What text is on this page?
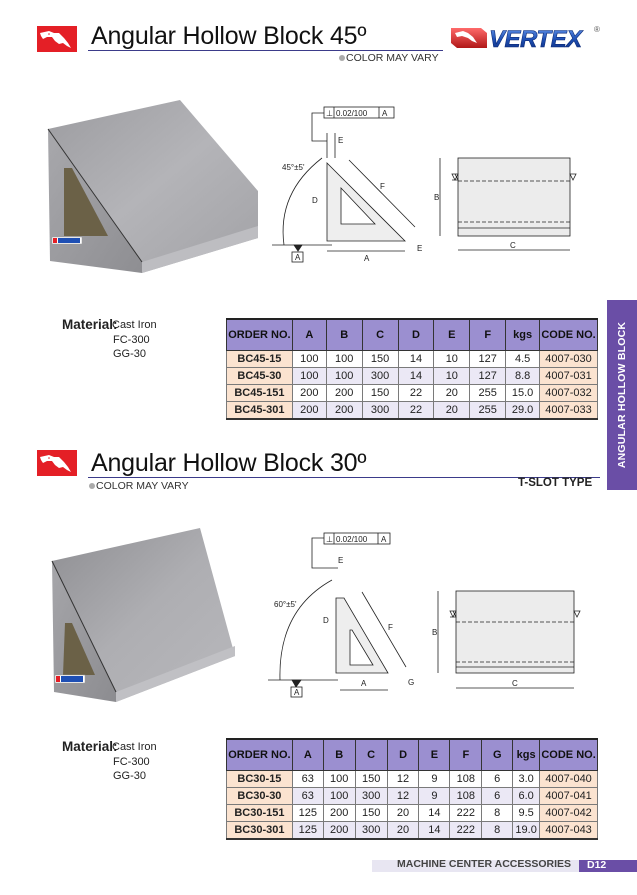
Angular Hollow Block 45º
COLOR MAY VARY
VERTEX	®
⊥ 0.02/100 A
E
45°±5'
A
F
D
A
E
B
C
ANGULAR HOLLOW BLOCK
Material:
Cast Iron
FC-300
GG-30
ORDER NO.	A	B	C	D	E	F	kgs	CODE NO.
BC45-15	100	100	150	14	10	127	4.5	4007-030
BC45-30	100	100	300	14	10	127	8.8	4007-031
BC45-151	200	200	150	22	20	255	15.0	4007-032
BC45-301	200	200	300	22	20	255	29.0	4007-033
Angular Hollow Block 30º
COLOR MAY VARY	T-SLOT TYPE
⊥ 0.02/100 A
E
60°±5'
A
F
D
A	G
B
C
Material:
Cast Iron
FC-300
GG-30
ORDER NO.	A	B	C	D	E	F	G	kgs	CODE NO.
BC30-15	63	100	150	12	9	108	6	3.0	4007-040
BC30-30	63	100	300	12	9	108	6	6.0	4007-041
BC30-151	125	200	150	20	14	222	8	9.5	4007-042
BC30-301	125	200	300	20	14	222	8	19.0	4007-043
MACHINE CENTER ACCESSORIES D12
